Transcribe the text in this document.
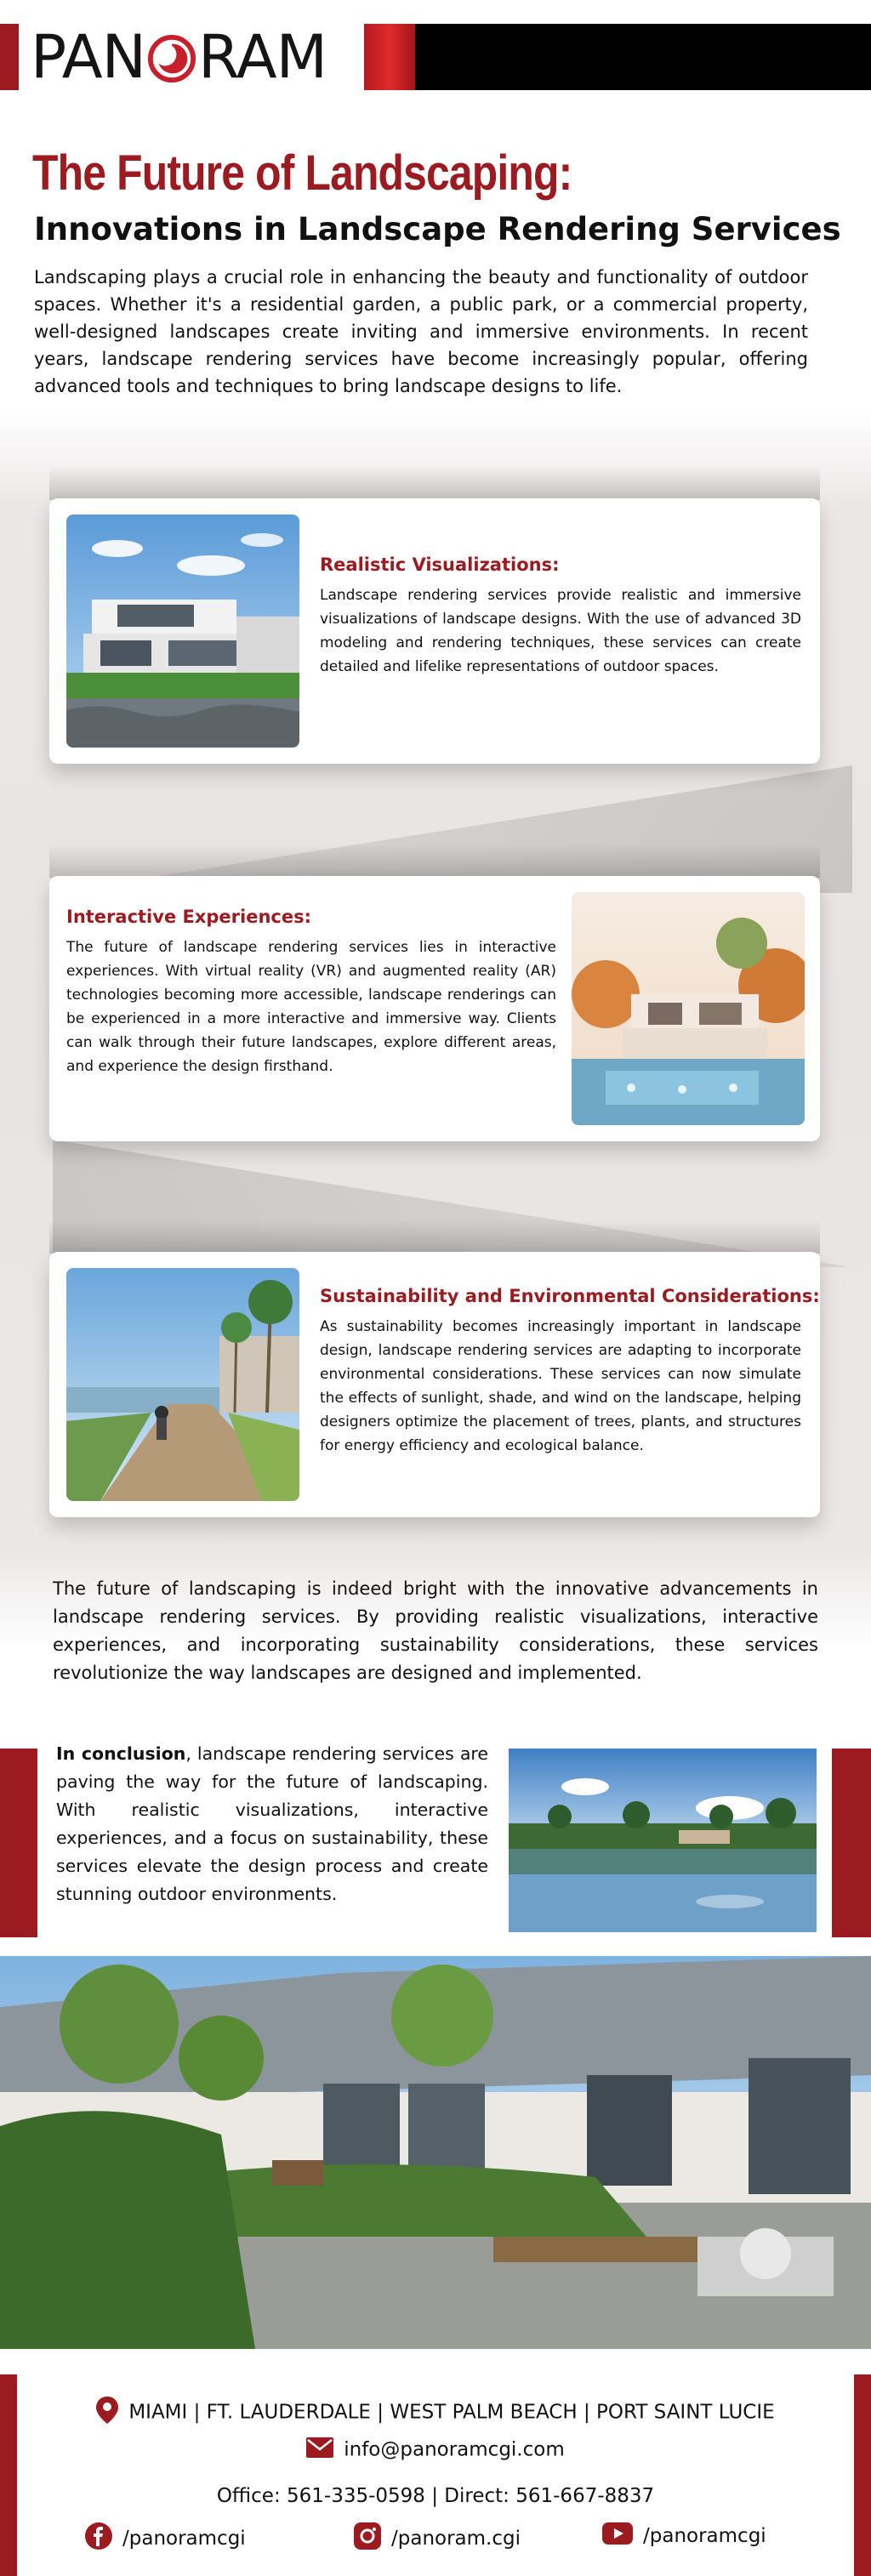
PAN RAM
The Future of Landscaping:
Innovations in Landscape Rendering Services

Landscaping plays a crucial role in enhancing the beauty and functionality of outdoor spaces. Whether it's a residential garden, a public park, or a commercial property, well-designed landscapes create inviting and immersive environments. In recent years, landscape rendering services have become increasingly popular, offering advanced tools and techniques to bring landscape designs to life.

Realistic Visualizations:

Landscape rendering services provide realistic and immersive visualizations of landscape designs. With the use of advanced 3D modeling and rendering techniques, these services can create detailed and lifelike representations of outdoor spaces.

Interactive Experiences:

The future of landscape rendering services lies in interactive experiences. With virtual reality (VR) and augmented reality (AR) technologies becoming more accessible, landscape renderings can be experienced in a more interactive and immersive way. Clients can walk through their future landscapes, explore different areas, and experience the design firsthand.

Sustainability and Environmental Considerations:

As sustainability becomes increasingly important in landscape design, landscape rendering services are adapting to incorporate environmental considerations. These services can now simulate the effects of sunlight, shade, and wind on the landscape, helping designers optimize the placement of trees, plants, and structures for energy efficiency and ecological balance.

The future of landscaping is indeed bright with the innovative advancements in landscape rendering services. By providing realistic visualizations, interactive experiences, and incorporating sustainability considerations, these services revolutionize the way landscapes are designed and implemented.

In conclusion, landscape rendering services are paving the way for the future of landscaping. With realistic visualizations, interactive experiences, and a focus on sustainability, these services elevate the design process and create stunning outdoor environments.

MIAMI | FT. LAUDERDALE | WEST PALM BEACH | PORT SAINT LUCIE
info@panoramcgi.com
Office: 561-335-0598 | Direct: 561-667-8837
/panoramcgi	/panoram.cgi	/panoramcgi
